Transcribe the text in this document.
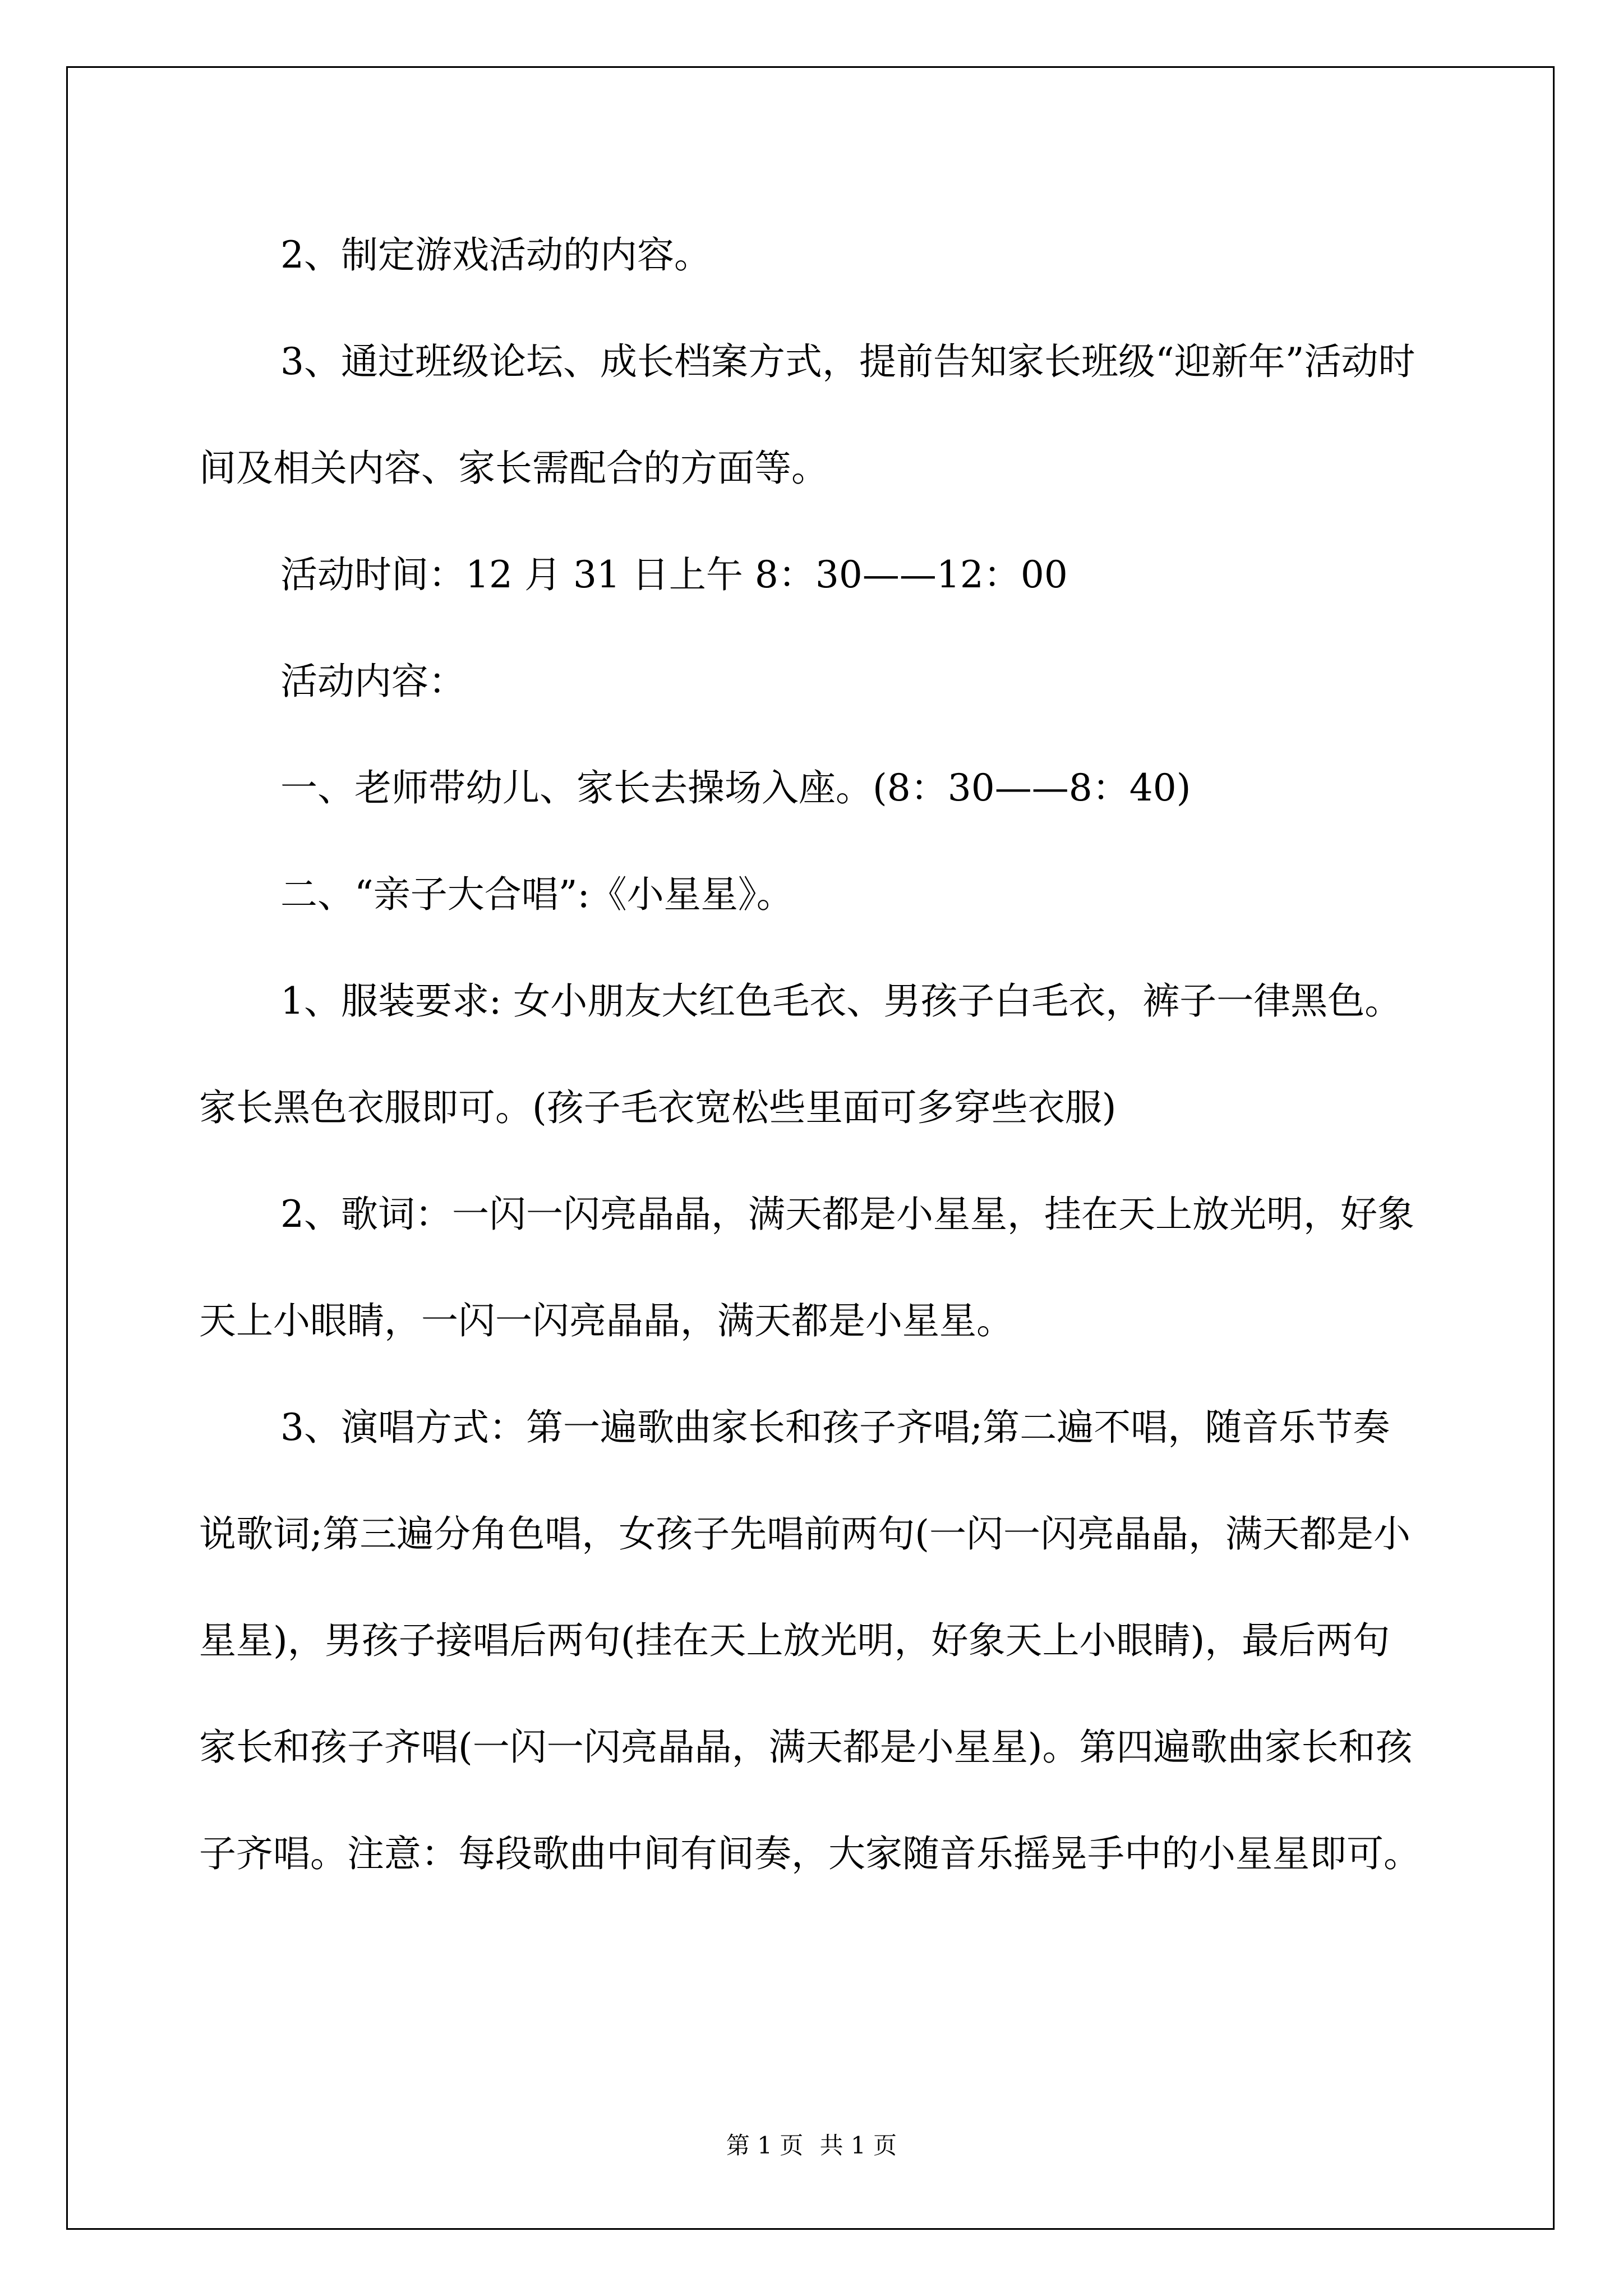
2、制定游戏活动的内容。

3、通过班级论坛、成长档案方式，提前告知家长班级“迎新年”活动时间及相关内容、家长需配合的方面等。

活动时间：12 月 31 日上午 8：30——12：00

活动内容：

一、老师带幼儿、家长去操场入座。(8：30——8：40)

二、“亲子大合唱”:《小星星》。

1、服装要求: 女小朋友大红色毛衣、男孩子白毛衣，裤子一律黑色。家长黑色衣服即可。(孩子毛衣宽松些里面可多穿些衣服)

2、歌词：一闪一闪亮晶晶，满天都是小星星，挂在天上放光明，好象天上小眼睛，一闪一闪亮晶晶，满天都是小星星。

3、演唱方式：第一遍歌曲家长和孩子齐唱;第二遍不唱，随音乐节奏说歌词;第三遍分角色唱，女孩子先唱前两句(一闪一闪亮晶晶，满天都是小星星)，男孩子接唱后两句(挂在天上放光明，好象天上小眼睛)，最后两句家长和孩子齐唱(一闪一闪亮晶晶，满天都是小星星)。第四遍歌曲家长和孩子齐唱。注意：每段歌曲中间有间奏，大家随音乐摇晃手中的小星星即可。

第 1 页 共 1 页
